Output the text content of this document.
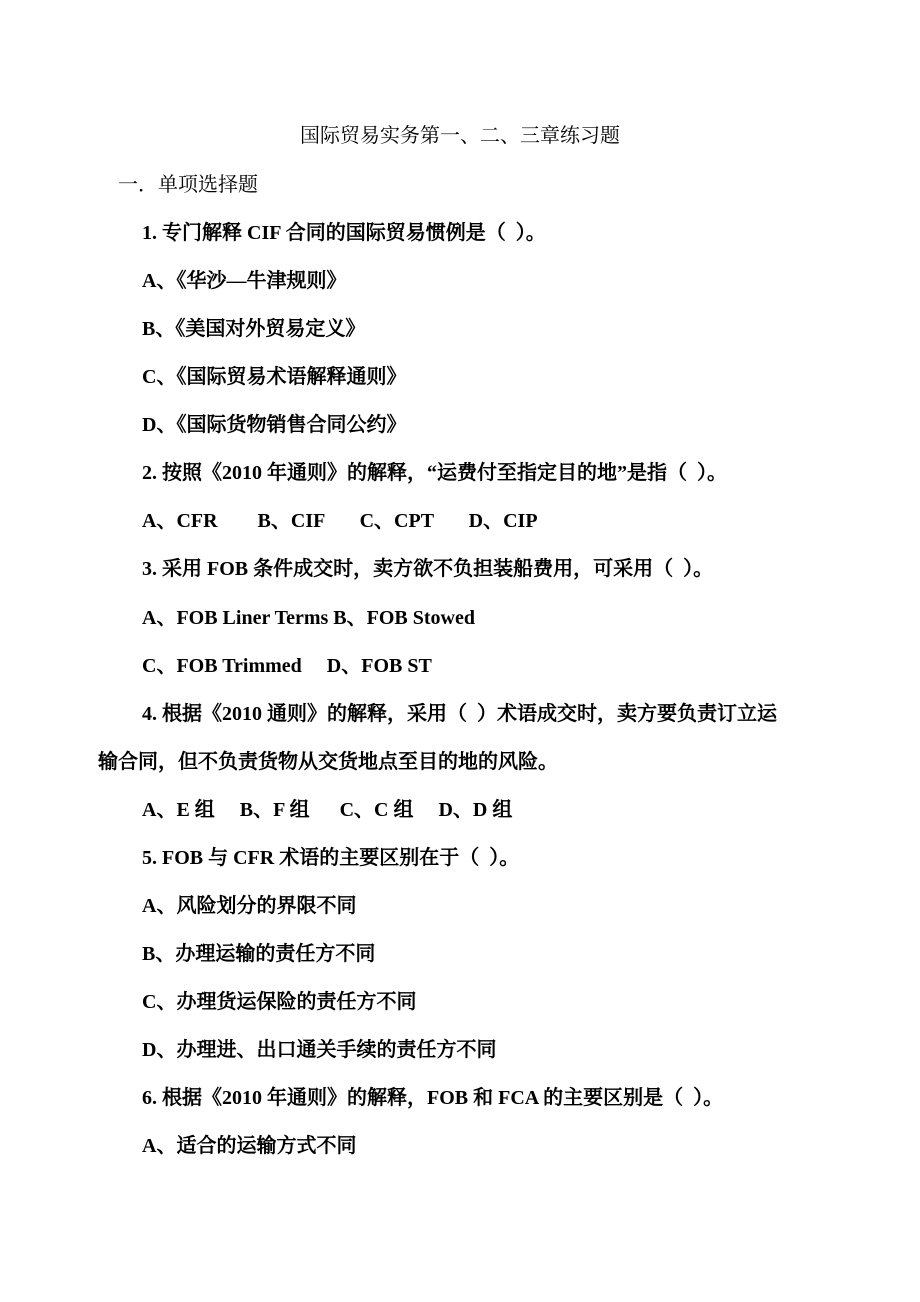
国际贸易实务第一、二、三章练习题
一．单项选择题
1. 专门解释 CIF 合同的国际贸易惯例是（  ）。
A、《华沙—牛津规则》
B、《美国对外贸易定义》
C、《国际贸易术语解释通则》
D、《国际货物销售合同公约》
2. 按照《2010 年通则》的解释，“运费付至指定目的地”是指（  ）。
A、CFR        B、CIF       C、CPT       D、CIP
3. 采用 FOB 条件成交时，卖方欲不负担装船费用，可采用（  ）。
A、FOB Liner Terms B、FOB Stowed
C、FOB Trimmed     D、FOB ST
4. 根据《2010 通则》的解释，采用（  ）术语成交时，卖方要负责订立运
输合同，但不负责货物从交货地点至目的地的风险。
A、E 组     B、F 组      C、C 组     D、D 组
5. FOB 与 CFR 术语的主要区别在于（  ）。
A、风险划分的界限不同
B、办理运输的责任方不同
C、办理货运保险的责任方不同
D、办理进、出口通关手续的责任方不同
6. 根据《2010 年通则》的解释，FOB 和 FCA 的主要区别是（  ）。
A、适合的运输方式不同
